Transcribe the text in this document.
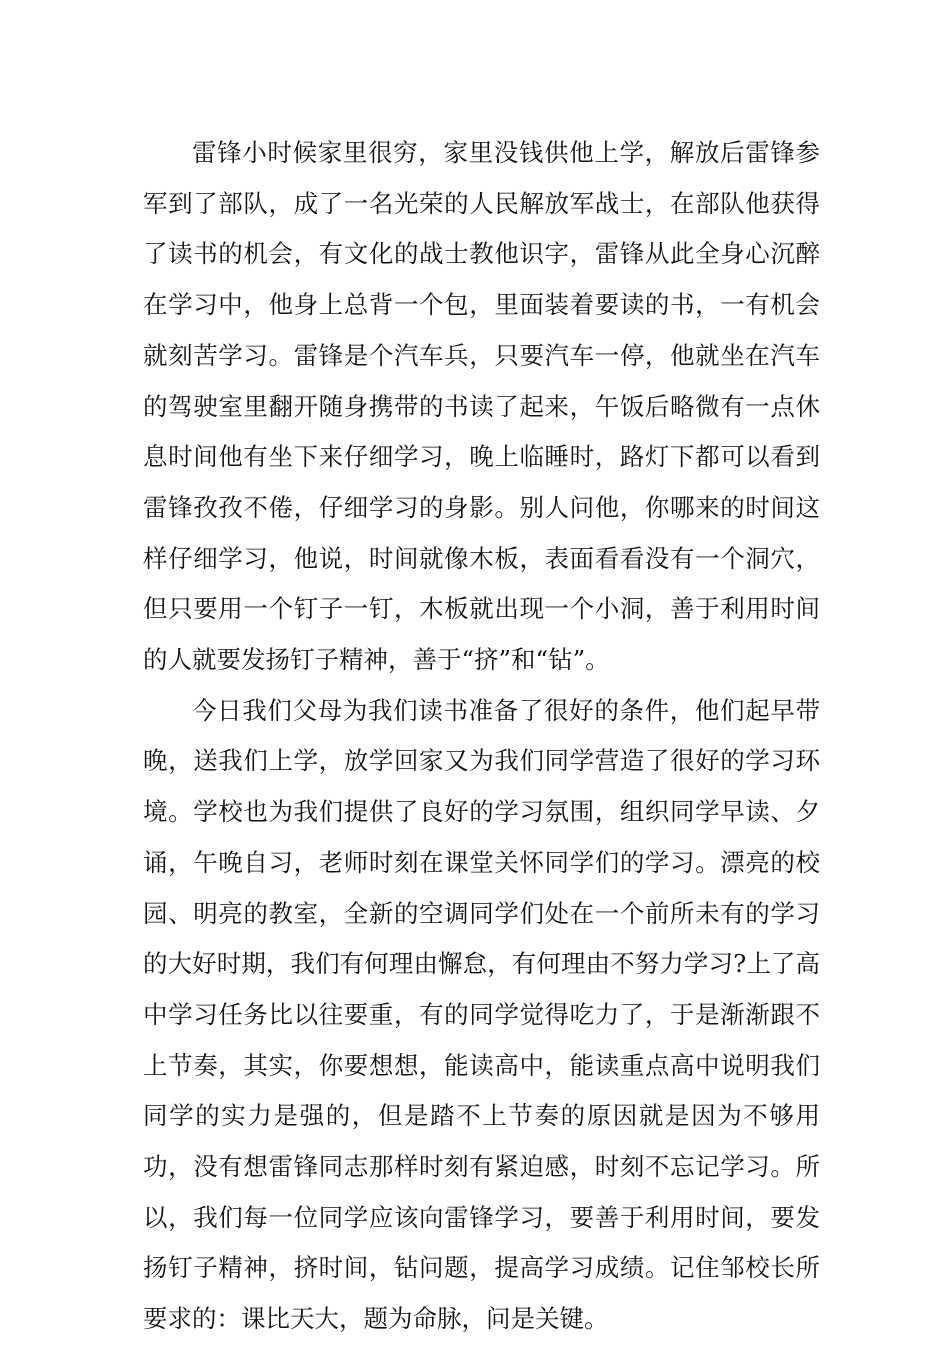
雷锋小时候家里很穷，家里没钱供他上学，解放后雷锋参军到了部队，成了一名光荣的人民解放军战士，在部队他获得了读书的机会，有文化的战士教他识字，雷锋从此全身心沉醉在学习中，他身上总背一个包，里面装着要读的书，一有机会就刻苦学习。雷锋是个汽车兵，只要汽车一停，他就坐在汽车的驾驶室里翻开随身携带的书读了起来，午饭后略微有一点休息时间他有坐下来仔细学习，晚上临睡时，路灯下都可以看到雷锋孜孜不倦，仔细学习的身影。别人问他，你哪来的时间这样仔细学习，他说，时间就像木板，表面看看没有一个洞穴，但只要用一个钉子一钉，木板就出现一个小洞，善于利用时间的人就要发扬钉子精神，善于“挤”和“钻”。

今日我们父母为我们读书准备了很好的条件，他们起早带晚，送我们上学，放学回家又为我们同学营造了很好的学习环境。学校也为我们提供了良好的学习氛围，组织同学早读、夕诵，午晚自习，老师时刻在课堂关怀同学们的学习。漂亮的校园、明亮的教室，全新的空调同学们处在一个前所未有的学习的大好时期，我们有何理由懈怠，有何理由不努力学习?上了高中学习任务比以往要重，有的同学觉得吃力了，于是渐渐跟不上节奏，其实，你要想想，能读高中，能读重点高中说明我们同学的实力是强的，但是踏不上节奏的原因就是因为不够用功，没有想雷锋同志那样时刻有紧迫感，时刻不忘记学习。所以，我们每一位同学应该向雷锋学习，要善于利用时间，要发扬钉子精神，挤时间，钻问题，提高学习成绩。记住邹校长所要求的：课比天大，题为命脉，问是关键。
